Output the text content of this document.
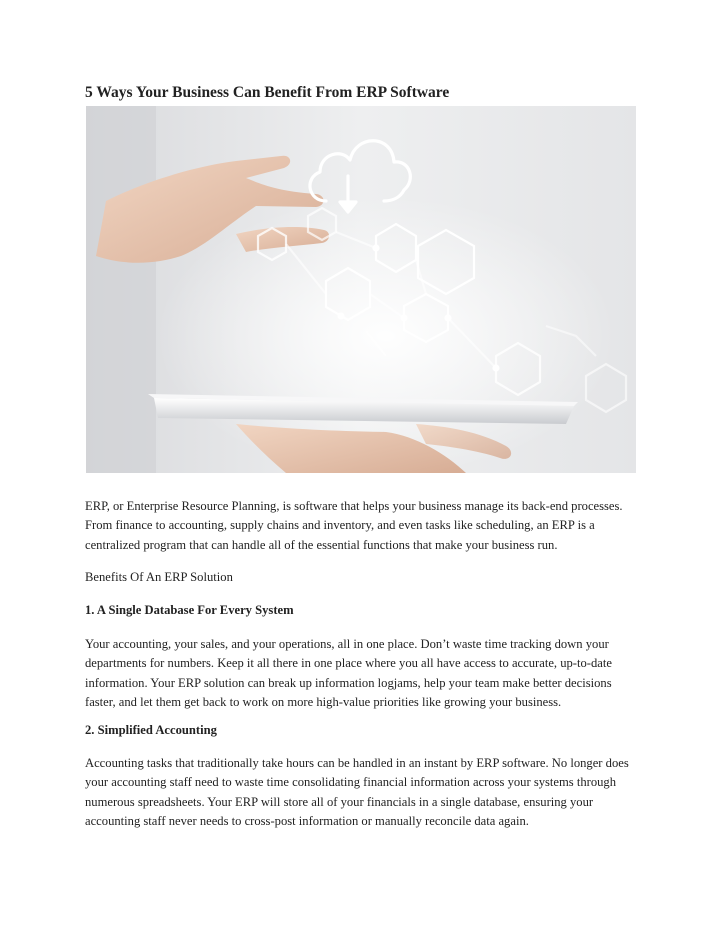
5 Ways Your Business Can Benefit From ERP Software

ERP, or Enterprise Resource Planning, is software that helps your business manage its back-end processes. From finance to accounting, supply chains and inventory, and even tasks like scheduling, an ERP is a centralized program that can handle all of the essential functions that make your business run.

Benefits Of An ERP Solution

1. A Single Database For Every System

Your accounting, your sales, and your operations, all in one place. Don’t waste time tracking down your departments for numbers. Keep it all there in one place where you all have access to accurate, up-to-date information. Your ERP solution can break up information logjams, help your team make better decisions faster, and let them get back to work on more high-value priorities like growing your business.

2. Simplified Accounting

Accounting tasks that traditionally take hours can be handled in an instant by ERP software. No longer does your accounting staff need to waste time consolidating financial information across your systems through numerous spreadsheets. Your ERP will store all of your financials in a single database, ensuring your accounting staff never needs to cross-post information or manually reconcile data again.
